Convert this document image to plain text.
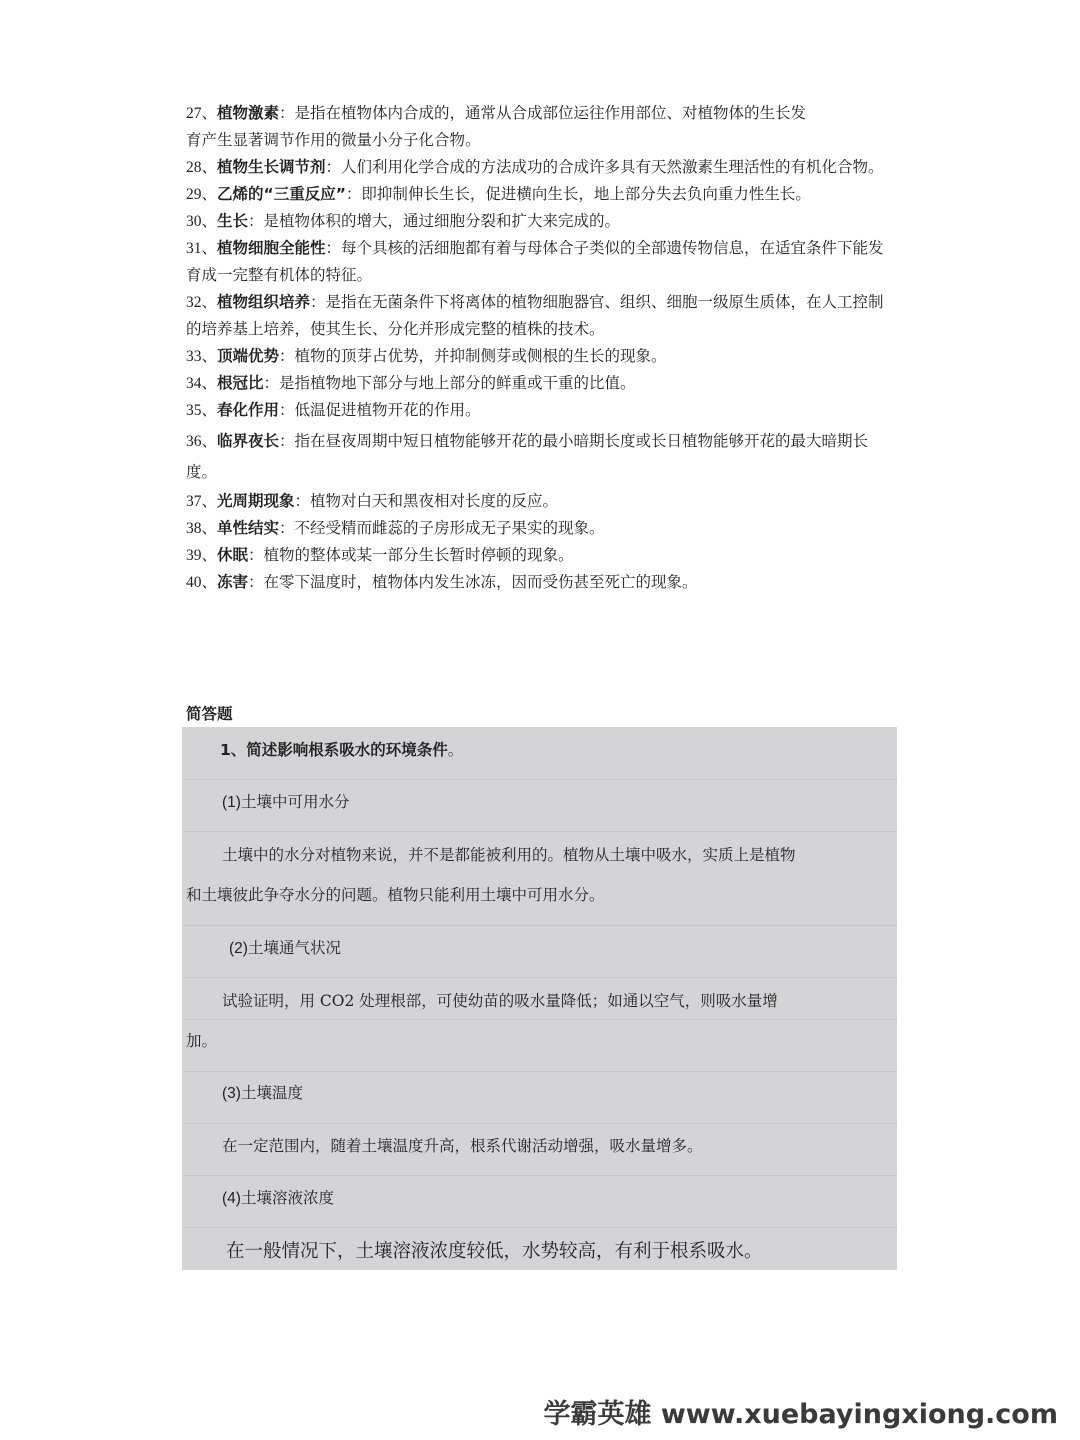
27、植物激素：是指在植物体内合成的，通常从合成部位运往作用部位、对植物体的生长发
育产生显著调节作用的微量小分子化合物。

28、植物生长调节剂：人们利用化学合成的方法成功的合成许多具有天然激素生理活性的有机化合物。

29、乙烯的“三重反应”：即抑制伸长生长，促进横向生长，地上部分失去负向重力性生长。

30、生长：是植物体积的增大，通过细胞分裂和扩大来完成的。

31、植物细胞全能性：每个具核的活细胞都有着与母体合子类似的全部遗传物信息，在适宜条件下能发育成一完整有机体的特征。

32、植物组织培养：是指在无菌条件下将离体的植物细胞器官、组织、细胞一级原生质体，在人工控制的培养基上培养，使其生长、分化并形成完整的植株的技术。

33、顶端优势：植物的顶芽占优势，并抑制侧芽或侧根的生长的现象。

34、根冠比：是指植物地下部分与地上部分的鲜重或干重的比值。

35、春化作用：低温促进植物开花的作用。

36、临界夜长：指在昼夜周期中短日植物能够开花的最小暗期长度或长日植物能够开花的最大暗期长度。

37、光周期现象：植物对白天和黑夜相对长度的反应。

38、单性结实：不经受精而雌蕊的子房形成无子果实的现象。

39、休眠：植物的整体或某一部分生长暂时停顿的现象。

40、冻害：在零下温度时，植物体内发生冰冻，因而受伤甚至死亡的现象。

简答题
1、简述影响根系吸水的环境条件。
(1)土壤中可用水分
土壤中的水分对植物来说，并不是都能被利用的。植物从土壤中吸水，实质上是植物
和土壤彼此争夺水分的问题。植物只能利用土壤中可用水分。
(2)土壤通气状况
试验证明，用 CO2 处理根部，可使幼苗的吸水量降低；如通以空气，则吸水量增
加。
(3)土壤温度
在一定范围内，随着土壤温度升高，根系代谢活动增强，吸水量增多。
(4)土壤溶液浓度
在一般情况下，土壤溶液浓度较低，水势较高，有利于根系吸水。
学霸英雄 www.xuebayingxiong.com
